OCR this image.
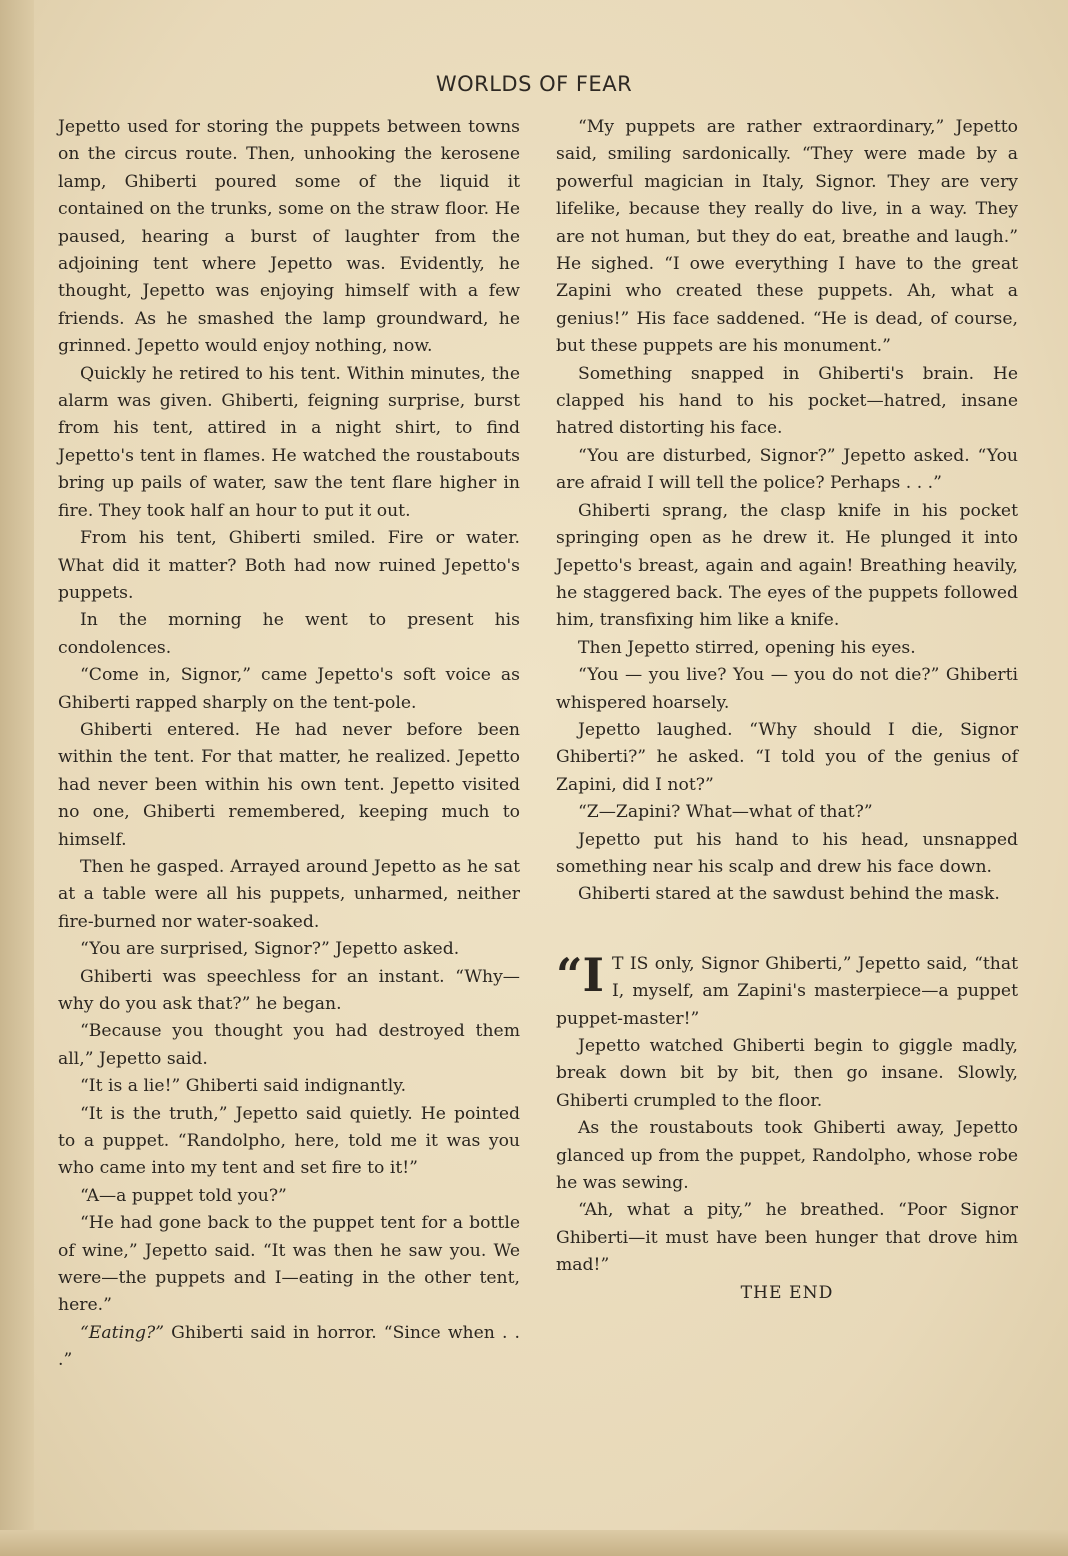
WORLDS OF FEAR

Jepetto used for storing the puppets between towns on the circus route. Then, unhooking the kerosene lamp, Ghiberti poured some of the liquid it contained on the trunks, some on the straw floor. He paused, hearing a burst of laughter from the adjoining tent where Jepetto was. Evidently, he thought, Jepetto was enjoying himself with a few friends. As he smashed the lamp groundward, he grinned. Jepetto would enjoy nothing, now.

Quickly he retired to his tent. Within minutes, the alarm was given. Ghiberti, feigning surprise, burst from his tent, attired in a night shirt, to find Jepetto's tent in flames. He watched the roustabouts bring up pails of water, saw the tent flare higher in fire. They took half an hour to put it out.

From his tent, Ghiberti smiled. Fire or water. What did it matter? Both had now ruined Jepetto's puppets.

In the morning he went to present his condolences.

“Come in, Signor,” came Jepetto's soft voice as Ghiberti rapped sharply on the tent-pole.

Ghiberti entered. He had never before been within the tent. For that matter, he realized. Jepetto had never been within his own tent. Jepetto visited no one, Ghiberti remembered, keeping much to himself.

Then he gasped. Arrayed around Jepetto as he sat at a table were all his puppets, unharmed, neither fire-burned nor water-soaked.

“You are surprised, Signor?” Jepetto asked.

Ghiberti was speechless for an instant. “Why—why do you ask that?” he began.

“Because you thought you had destroyed them all,” Jepetto said.

“It is a lie!” Ghiberti said indignantly.

“It is the truth,” Jepetto said quietly. He pointed to a puppet. “Randolpho, here, told me it was you who came into my tent and set fire to it!”

“A—a puppet told you?”

“He had gone back to the puppet tent for a bottle of wine,” Jepetto said. “It was then he saw you. We were—the puppets and I—eating in the other tent, here.”

“Eating?” Ghiberti said in horror. “Since when . . .”

“My puppets are rather extraordinary,” Jepetto said, smiling sardonically. “They were made by a powerful magician in Italy, Signor. They are very lifelike, because they really do live, in a way. They are not human, but they do eat, breathe and laugh.” He sighed. “I owe everything I have to the great Zapini who created these puppets. Ah, what a genius!” His face saddened. “He is dead, of course, but these puppets are his monument.”

Something snapped in Ghiberti's brain. He clapped his hand to his pocket—hatred, insane hatred distorting his face.

“You are disturbed, Signor?” Jepetto asked. “You are afraid I will tell the police? Perhaps . . .”

Ghiberti sprang, the clasp knife in his pocket springing open as he drew it. He plunged it into Jepetto's breast, again and again! Breathing heavily, he staggered back. The eyes of the puppets followed him, transfixing him like a knife.

Then Jepetto stirred, opening his eyes.

“You — you live? You — you do not die?” Ghiberti whispered hoarsely.

Jepetto laughed. “Why should I die, Signor Ghiberti?” he asked. “I told you of the genius of Zapini, did I not?”

“Z—Zapini? What—what of that?”

Jepetto put his hand to his head, unsnapped something near his scalp and drew his face down.

Ghiberti stared at the sawdust behind the mask.

“I T IS only, Signor Ghiberti,” Jepetto said, “that I, myself, am Zapini's masterpiece—a puppet puppet-master!”

Jepetto watched Ghiberti begin to giggle madly, break down bit by bit, then go insane. Slowly, Ghiberti crumpled to the floor.

As the roustabouts took Ghiberti away, Jepetto glanced up from the puppet, Randolpho, whose robe he was sewing.

“Ah, what a pity,” he breathed. “Poor Signor Ghiberti—it must have been hunger that drove him mad!”

THE END
